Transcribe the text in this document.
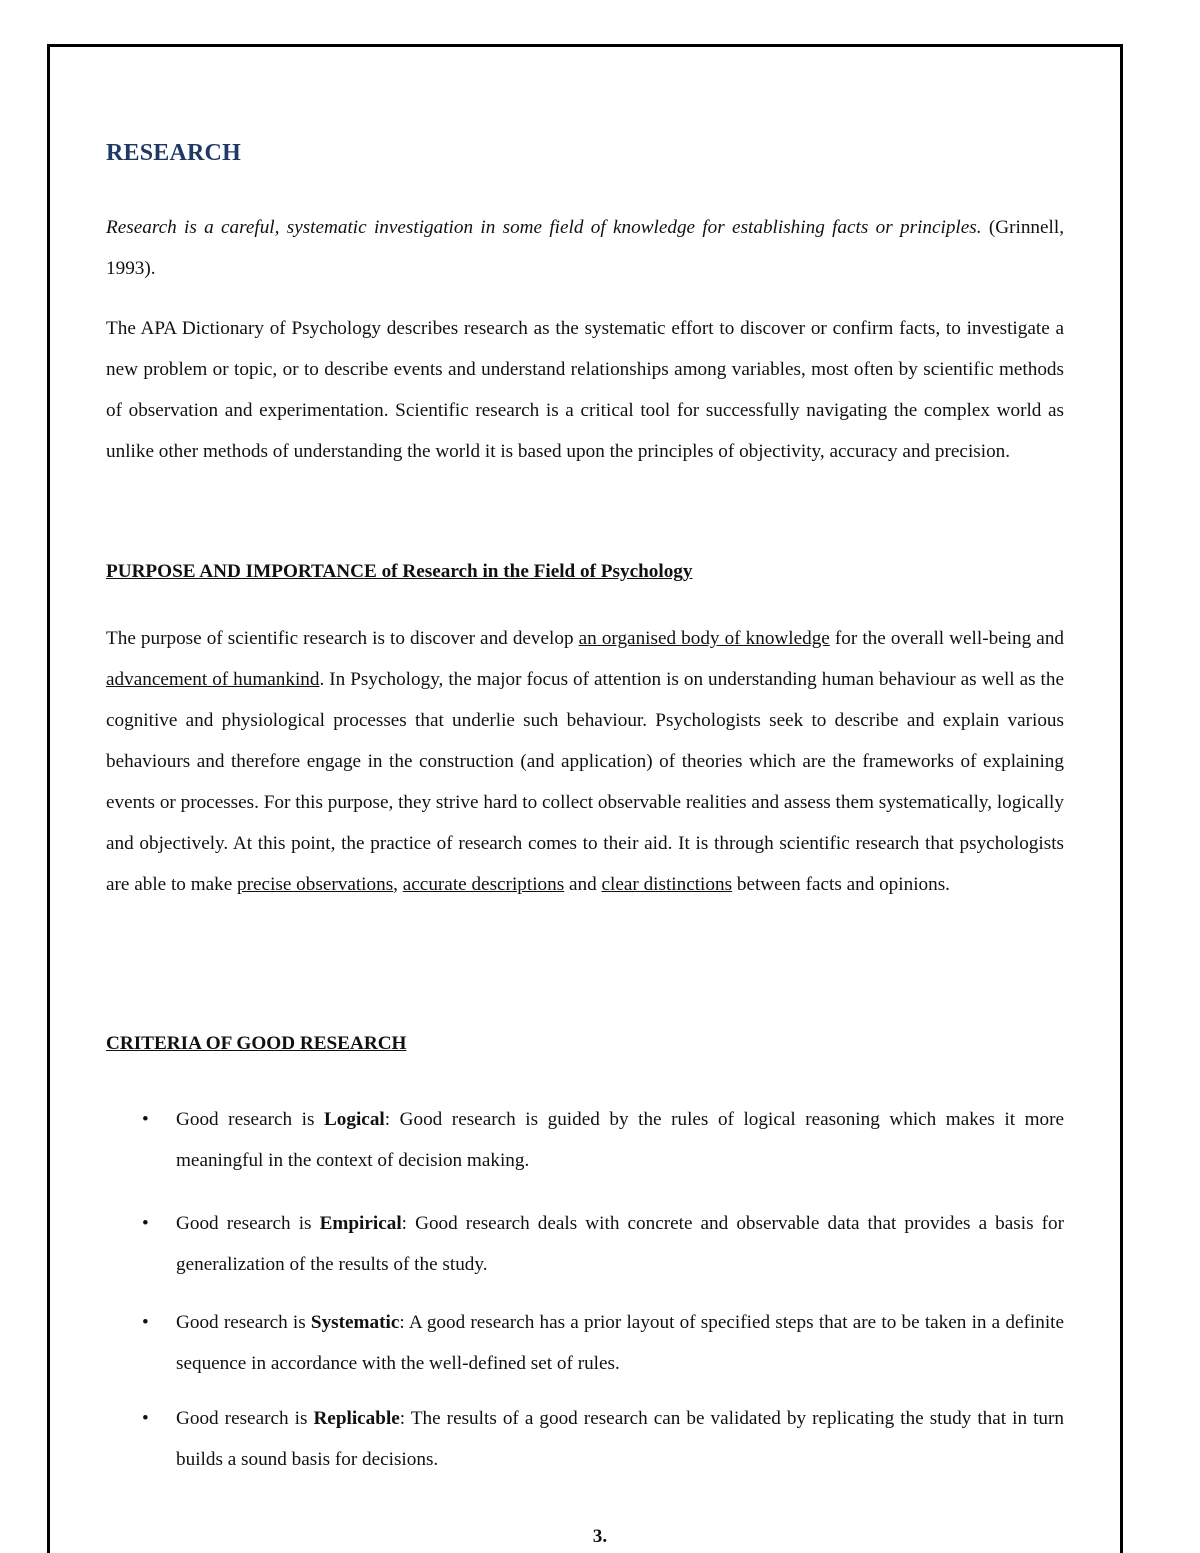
RESEARCH

Research is a careful, systematic investigation in some field of knowledge for establishing facts or principles. (Grinnell, 1993).

The APA Dictionary of Psychology describes research as the systematic effort to discover or confirm facts, to investigate a new problem or topic, or to describe events and understand relationships among variables, most often by scientific methods of observation and experimentation. Scientific research is a critical tool for successfully navigating the complex world as unlike other methods of understanding the world it is based upon the principles of objectivity, accuracy and precision.

PURPOSE AND IMPORTANCE of Research in the Field of Psychology

The purpose of scientific research is to discover and develop an organised body of knowledge for the overall well-being and advancement of humankind. In Psychology, the major focus of attention is on understanding human behaviour as well as the cognitive and physiological processes that underlie such behaviour. Psychologists seek to describe and explain various behaviours and therefore engage in the construction (and application) of theories which are the frameworks of explaining events or processes. For this purpose, they strive hard to collect observable realities and assess them systematically, logically and objectively. At this point, the practice of research comes to their aid. It is through scientific research that psychologists are able to make precise observations, accurate descriptions and clear distinctions between facts and opinions.

CRITERIA OF GOOD RESEARCH
• Good research is Logical: Good research is guided by the rules of logical reasoning which makes it more meaningful in the context of decision making.
• Good research is Empirical: Good research deals with concrete and observable data that provides a basis for generalization of the results of the study.
• Good research is Systematic: A good research has a prior layout of specified steps that are to be taken in a definite sequence in accordance with the well-defined set of rules.
• Good research is Replicable: The results of a good research can be validated by replicating the study that in turn builds a sound basis for decisions.
3.
